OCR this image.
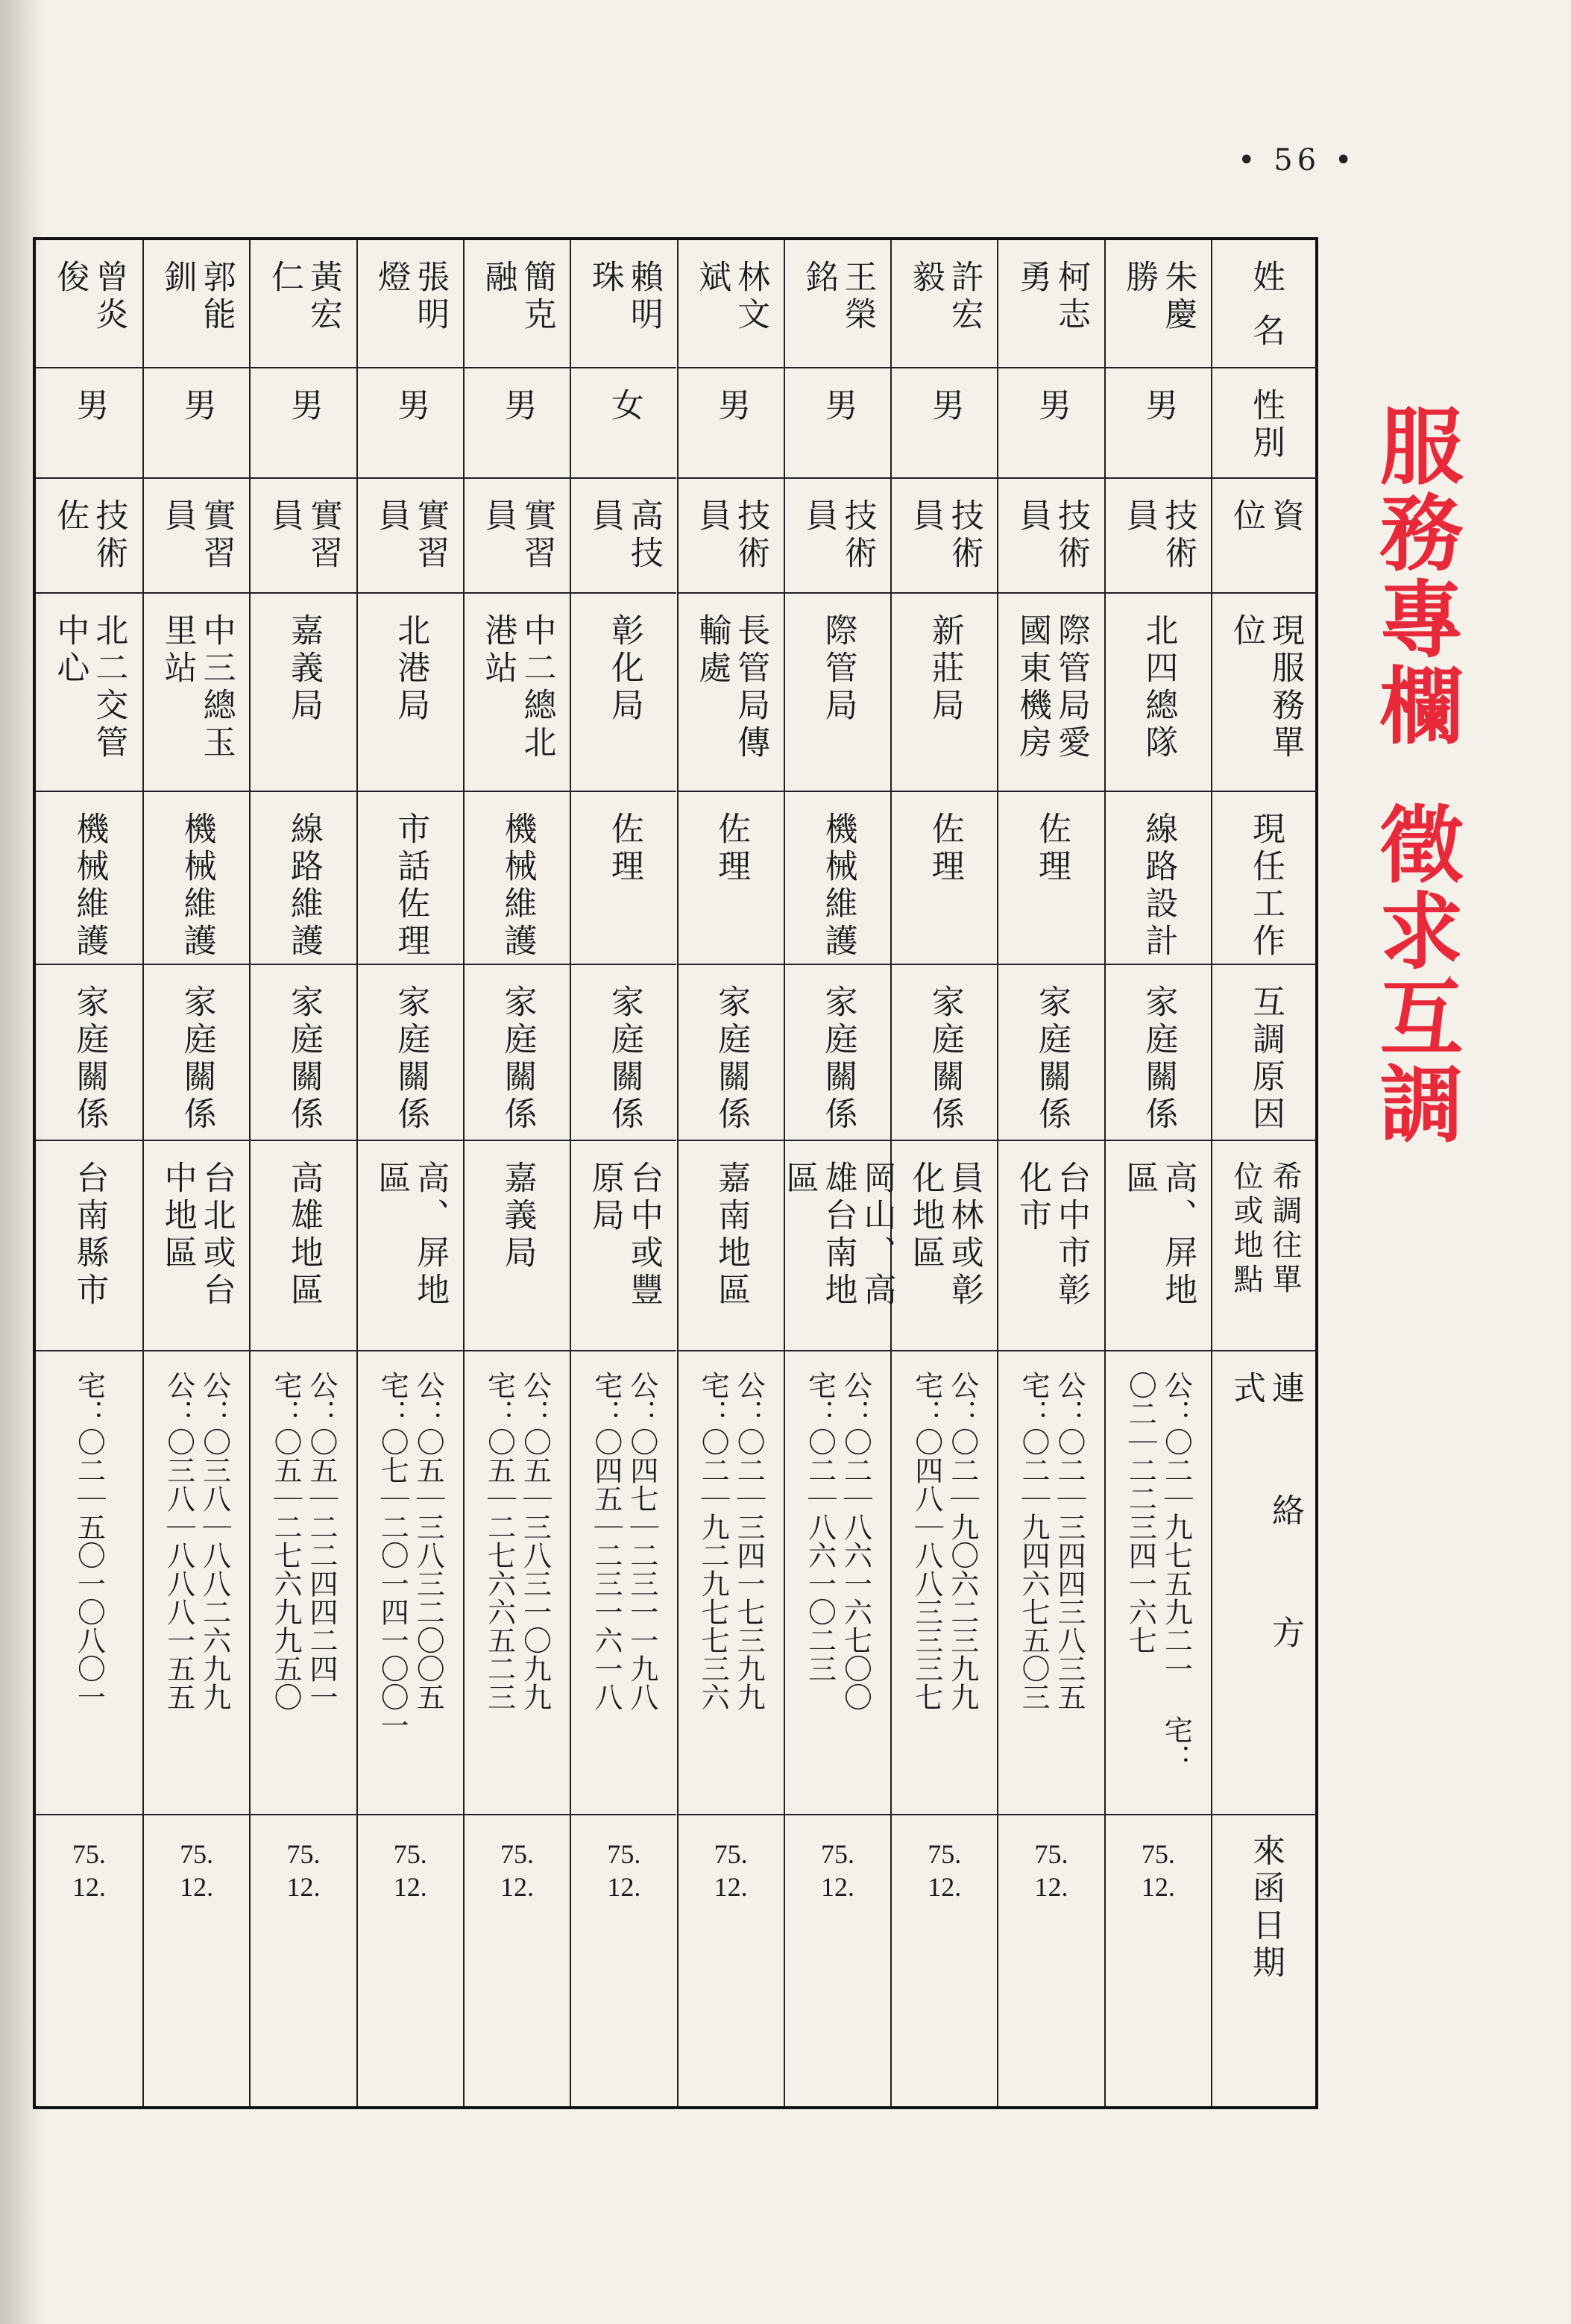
• 56 •
服務專欄徵求互調
姓名
性別
資位
現服務單位
現任工作
互調原因
希調往單位或地點
連絡方式
來函日期
朱慶勝
男
技術員
北四總隊
線路設計
家庭關係
高、屏地區
公：〇二｜九七五九二一 宅：〇二｜二二三四一六七
75.
12.
柯志勇
男
技術員
際管局愛國東機房
佐理
家庭關係
台中市彰化市
公：〇二｜三四四三八三五 宅：〇二｜九四六七五〇三
75.
12.
許宏毅
男
技術員
新莊局
佐理
家庭關係
員林或彰化地區
公：〇二｜九〇六二三九九 宅：〇四八｜八八三三三七
75.
12.
王榮銘
男
技術員
際管局
機械維護
家庭關係
岡山、高雄台南地區
公：〇二｜八六一六七〇〇 宅：〇二｜八六一〇二三
75.
12.
林文斌
男
技術員
長管局傳輸處
佐理
家庭關係
嘉南地區
公：〇二｜三四一七三九九 宅：〇二｜九二九七七三六
75.
12.
賴明珠
女
高技員
彰化局
佐理
家庭關係
台中或豐原局
公：〇四七｜二三一一九八 宅：〇四五｜二三一六一八
75.
12.
簡克融
男
實習員
中二總北港站
機械維護
家庭關係
嘉義局
公：〇五｜三八三一〇九九 宅：〇五｜二七六六五二三
75.
12.
張明燈
男
實習員
北港局
市話佐理
家庭關係
高、屏地區
公：〇五｜三八三二〇〇五 宅：〇七｜二〇一四一〇〇一
75.
12.
黃宏仁
男
實習員
嘉義局
線路維護
家庭關係
高雄地區
公：〇五｜二二四四二四一 宅：〇五｜二七六九九五〇
75.
12.
郭能釧
男
實習員
中三總玉里站
機械維護
家庭關係
台北或台中地區
公：〇三八｜八八二六九九 公：〇三八｜八八八一五五
75.
12.
曾炎俊
男
技術佐
北二交管中心
機械維護
家庭關係
台南縣市
宅：〇二｜五〇一〇八〇一
75.
12.
